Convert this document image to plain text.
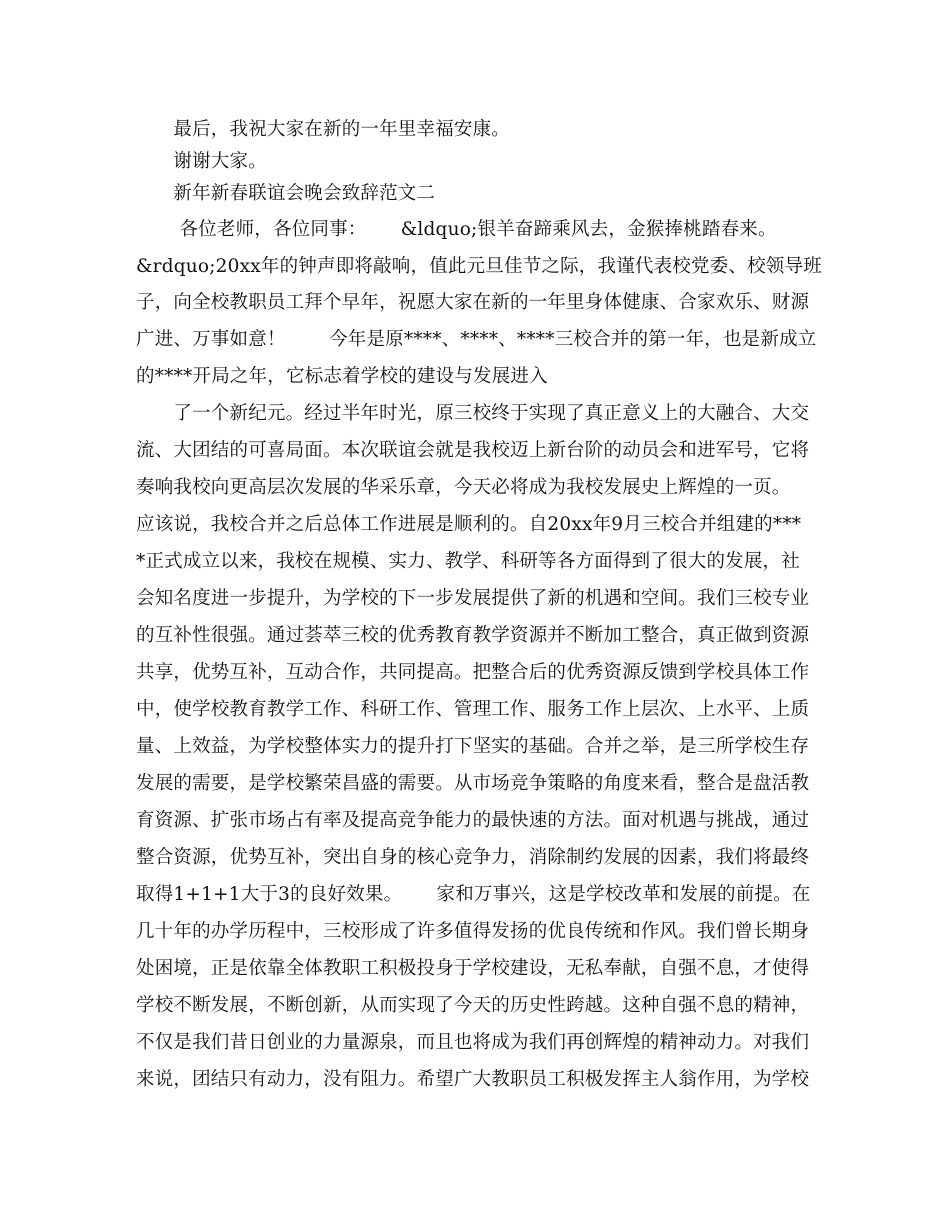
　　最后，我祝大家在新的一年里幸福安康。
　　谢谢大家。
　　新年新春联谊会晚会致辞范文二
　　 各位老师，各位同事：　　 &ldquo;银羊奋蹄乘风去，金猴捧桃踏春来。
&rdquo;20xx年的钟声即将敲响，值此元旦佳节之际，我谨代表校党委、校领导班
子，向全校教职员工拜个早年，祝愿大家在新的一年里身体健康、合家欢乐、财源
广进、万事如意！　　 今年是原****、****、****三校合并的第一年，也是新成立
的****开局之年，它标志着学校的建设与发展进入
　　了一个新纪元。经过半年时光，原三校终于实现了真正意义上的大融合、大交
流、大团结的可喜局面。本次联谊会就是我校迈上新台阶的动员会和进军号，它将
奏响我校向更高层次发展的华采乐章，今天必将成为我校发展史上辉煌的一页。
应该说，我校合并之后总体工作进展是顺利的。自20xx年9月三校合并组建的***
*正式成立以来，我校在规模、实力、教学、科研等各方面得到了很大的发展，社
会知名度进一步提升，为学校的下一步发展提供了新的机遇和空间。我们三校专业
的互补性很强。通过荟萃三校的优秀教育教学资源并不断加工整合，真正做到资源
共享，优势互补，互动合作，共同提高。把整合后的优秀资源反馈到学校具体工作
中，使学校教育教学工作、科研工作、管理工作、服务工作上层次、上水平、上质
量、上效益，为学校整体实力的提升打下坚实的基础。合并之举，是三所学校生存
发展的需要，是学校繁荣昌盛的需要。从市场竞争策略的角度来看，整合是盘活教
育资源、扩张市场占有率及提高竞争能力的最快速的方法。面对机遇与挑战，通过
整合资源，优势互补，突出自身的核心竞争力，消除制约发展的因素，我们将最终
取得1+1+1大于3的良好效果。　　 家和万事兴，这是学校改革和发展的前提。在
几十年的办学历程中，三校形成了许多值得发扬的优良传统和作风。我们曾长期身
处困境，正是依靠全体教职工积极投身于学校建设，无私奉献，自强不息，才使得
学校不断发展，不断创新，从而实现了今天的历史性跨越。这种自强不息的精神，
不仅是我们昔日创业的力量源泉，而且也将成为我们再创辉煌的精神动力。对我们
来说，团结只有动力，没有阻力。希望广大教职员工积极发挥主人翁作用，为学校
